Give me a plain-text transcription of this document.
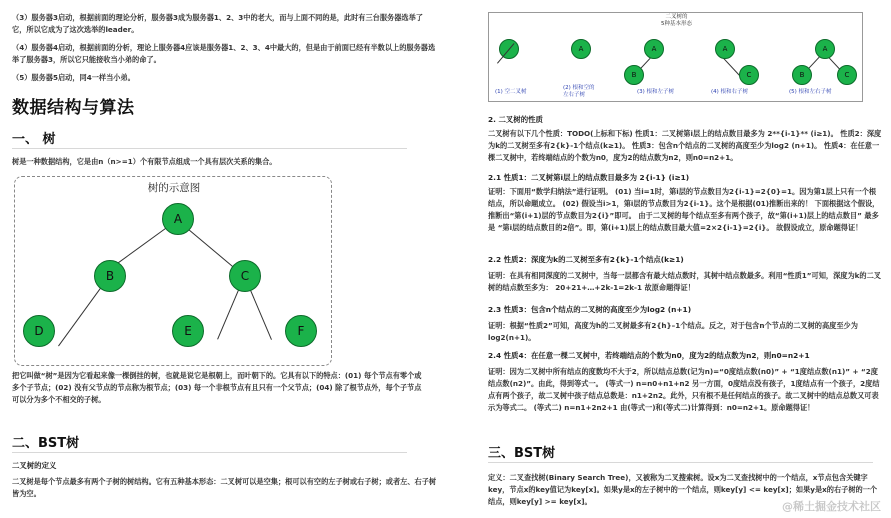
（3）服务器3启动，根据前面的理论分析，服务器3成为服务器1、2、3中的老大，而与上面不同的是，此时有三台服务器选举了它，所以它成为了这次选举的leader。

（4）服务器4启动，根据前面的分析，理论上服务器4应该是服务器1、2、3、4中最大的，但是由于前面已经有半数以上的服务器选举了服务器3，所以它只能接收当小弟的命了。

（5）服务器5启动，同4一样当小弟。

数据结构与算法
一、 树

树是一种数据结构，它是由n（n>=1）个有限节点组成一个具有层次关系的集合。

树的示意图
A
B	C
D	E	F

把它叫做“树”是因为它看起来像一棵倒挂的树，也就是说它是根朝上，而叶朝下的。它具有以下的特点：(01) 每个节点有零个或多个子节点；(02) 没有父节点的节点称为根节点；(03) 每一个非根节点有且只有一个父节点；(04) 除了根节点外，每个子节点可以分为多个不相交的子树。

二、BST树
二叉树的定义

二叉树是每个节点最多有两个子树的树结构。它有五种基本形态：二叉树可以是空集；根可以有空的左子树或右子树；或者左、右子树皆为空。

二叉树的
5种基本形态
(1) 空二叉树
A
(2) 根和空的
左右子树
A
B
(3) 根和左子树
A
C
(4) 根和右子树
A
B	C
(5) 根和左右子树
2. 二叉树的性质

二叉树有以下几个性质：TODO(上标和下标) 性质1：二叉树第i层上的结点数目最多为 2**{i-1}** (i≥1)。 性质2：深度为k的二叉树至多有2{k}-1个结点(k≥1)。 性质3：包含n个结点的二叉树的高度至少为log2 (n+1)。 性质4：在任意一棵二叉树中，若终端结点的个数为n0，度为2的结点数为n2，则n0=n2+1。

2.1 性质1：二叉树第i层上的结点数目最多为 2{i-1} (i≥1)

证明：下面用“数学归纳法”进行证明。 (01) 当i=1时，第i层的节点数目为2{i-1}=2{0}=1。因为第1层上只有一个根结点，所以命题成立。 (02) 假设当i>1，第i层的节点数目为2{i-1}。这个是根据(01)推断出来的！ 下面根据这个假设，推断出“第(i+1)层的节点数目为2{i}”即可。 由于二叉树的每个结点至多有两个孩子，故“第(i+1)层上的结点数目” 最多是 “第i层的结点数目的2倍”。即，第(i+1)层上的结点数目最大值=2×2{i-1}=2{i}。 故假设成立，原命题得证！

2.2 性质2：深度为k的二叉树至多有2{k}-1个结点(k≥1)

证明：在具有相同深度的二叉树中，当每一层都含有最大结点数时，其树中结点数最多。利用“性质1”可知，深度为k的二叉树的结点数至多为： 20+21+…+2k-1=2k-1 故原命题得证！

2.3 性质3：包含n个结点的二叉树的高度至少为log2 (n+1)

证明：根据“性质2”可知，高度为h的二叉树最多有2{h}–1个结点。反之，对于包含n个节点的二叉树的高度至少为log2(n+1)。

2.4 性质4：在任意一棵二叉树中，若终端结点的个数为n0，度为2的结点数为n2，则n0=n2+1

证明：因为二叉树中所有结点的度数均不大于2，所以结点总数(记为n)=“0度结点数(n0)” + “1度结点数(n1)” + “2度结点数(n2)”。由此，得到等式一。 (等式一) n=n0+n1+n2 另一方面，0度结点没有孩子，1度结点有一个孩子，2度结点有两个孩子，故二叉树中孩子结点总数是：n1+2n2。此外，只有根不是任何结点的孩子。故二叉树中的结点总数又可表示为等式二。 (等式二) n=n1+2n2+1 由(等式一)和(等式二)计算得到：n0=n2+1。原命题得证！

三、BST树

定义：二叉查找树(Binary Search Tree)，又被称为二叉搜索树。设x为二叉查找树中的一个结点，x节点包含关键字key，节点x的key值记为key[x]。如果y是x的左子树中的一个结点，则key[y] <= key[x]；如果y是x的右子树的一个结点，则key[y] >= key[x]。	@稀土掘金技术社区
